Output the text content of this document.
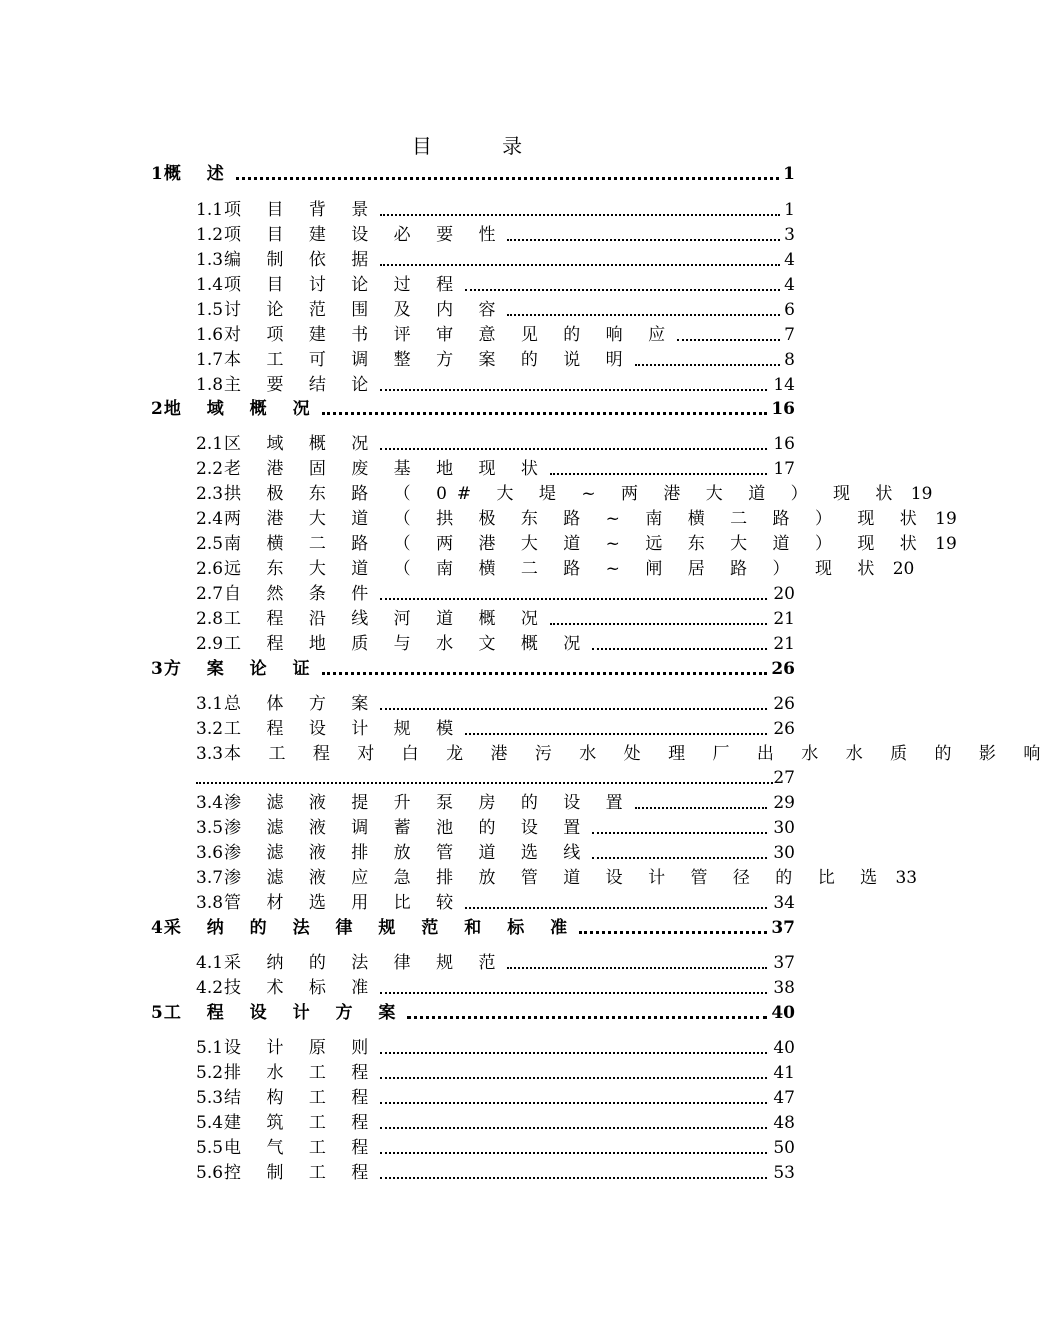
目 录
1 概 述	1
1.1 项 目 背 景	1
1.2 项 目 建 设 必 要 性	3
1.3 编 制 依 据	4
1.4 项 目 讨 论 过 程	4
1.5 讨 论 范 围 及 内 容	6
1.6 对 项 建 书 评 审 意 见 的 响 应	7
1.7 本 工 可 调 整 方 案 的 说 明	8
1.8 主 要 结 论	14
2 地 域 概 况	16
2.1 区 域 概 况	16
2.2 老 港 固 废 基 地 现 状	17
2.3 拱 极 东 路 （ 0# 大 堤 ~ 两 港 大 道 ） 现 状 19
2.4 两 港 大 道 （ 拱 极 东 路 ~ 南 横 二 路 ） 现 状 19
2.5 南 横 二 路 （ 两 港 大 道 ~ 远 东 大 道 ） 现 状 19
2.6 远 东 大 道 （ 南 横 二 路 ~ 闸 居 路 ） 现 状 20
2.7 自 然 条 件	20
2.8 工 程 沿 线 河 道 概 况	21
2.9 工 程 地 质 与 水 文 概 况	21
3 方 案 论 证	26
3.1 总 体 方 案	26
3.2 工 程 设 计 规 模	26
3.3 本 工 程 对 白 龙 港 污 水 处 理 厂 出 水 水 质 的 影 响
27
3.4 渗 滤 液 提 升 泵 房 的 设 置	29
3.5 渗 滤 液 调 蓄 池 的 设 置	30
3.6 渗 滤 液 排 放 管 道 选 线	30
3.7 渗 滤 液 应 急 排 放 管 道 设 计 管 径 的 比 选 33
3.8 管 材 选 用 比 较	34
4 采 纳 的 法 律 规 范 和 标 准	37
4.1 采 纳 的 法 律 规 范	37
4.2 技 术 标 准	38
5 工 程 设 计 方 案	40
5.1 设 计 原 则	40
5.2 排 水 工 程	41
5.3 结 构 工 程	47
5.4 建 筑 工 程	48
5.5 电 气 工 程	50
5.6 控 制 工 程	53
